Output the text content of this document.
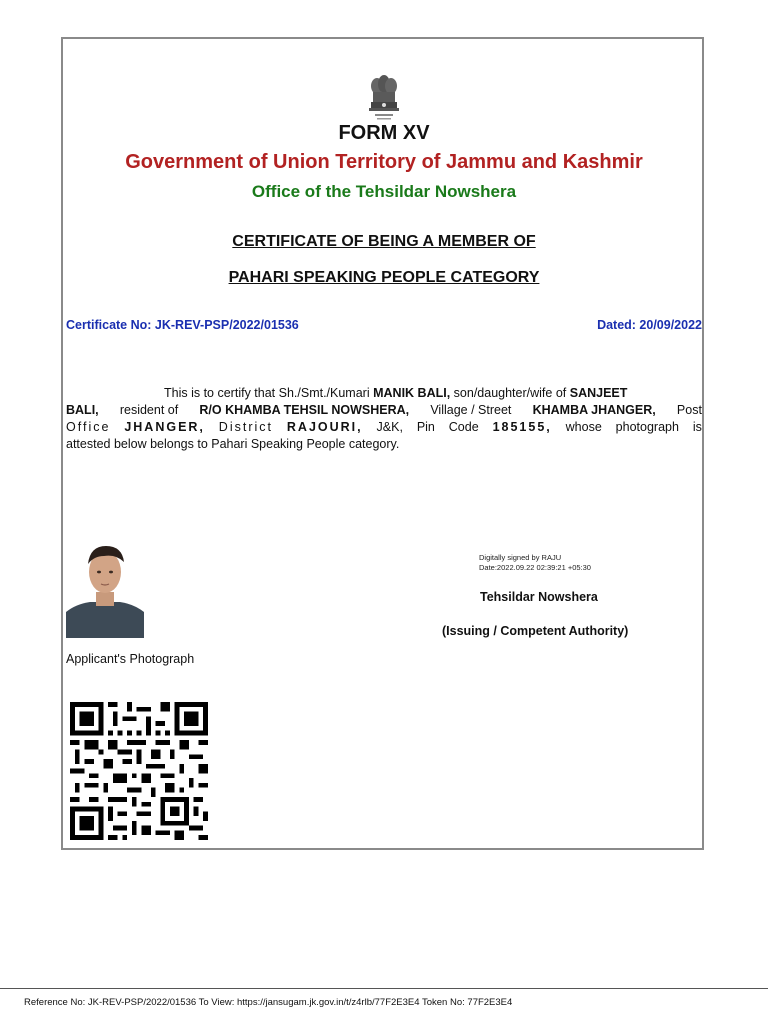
FORM XV
Government of Union Territory of Jammu and Kashmir
Office of the Tehsildar Nowshera
CERTIFICATE OF BEING A MEMBER OF
PAHARI SPEAKING PEOPLE CATEGORY
Certificate No: JK-REV-PSP/2022/01536	Dated: 20/09/2022
This is to certify that Sh./Smt./Kumari MANIK BALI, son/daughter/wife of SANJEET
BALI, resident of R/O KHAMBA TEHSIL NOWSHERA, Village / Street KHAMBA JHANGER, Post
Office JHANGER, District RAJOURI, J&K, Pin Code 185155, whose photograph is
attested below belongs to Pahari Speaking People category.
Applicant's Photograph
Digitally signed by RAJU
Date:2022.09.22 02:39:21 +05:30
Tehsildar Nowshera
(Issuing / Competent Authority)
Reference No: JK-REV-PSP/2022/01536 To View: https://jansugam.jk.gov.in/t/z4rlb/77F2E3E4 Token No: 77F2E3E4
